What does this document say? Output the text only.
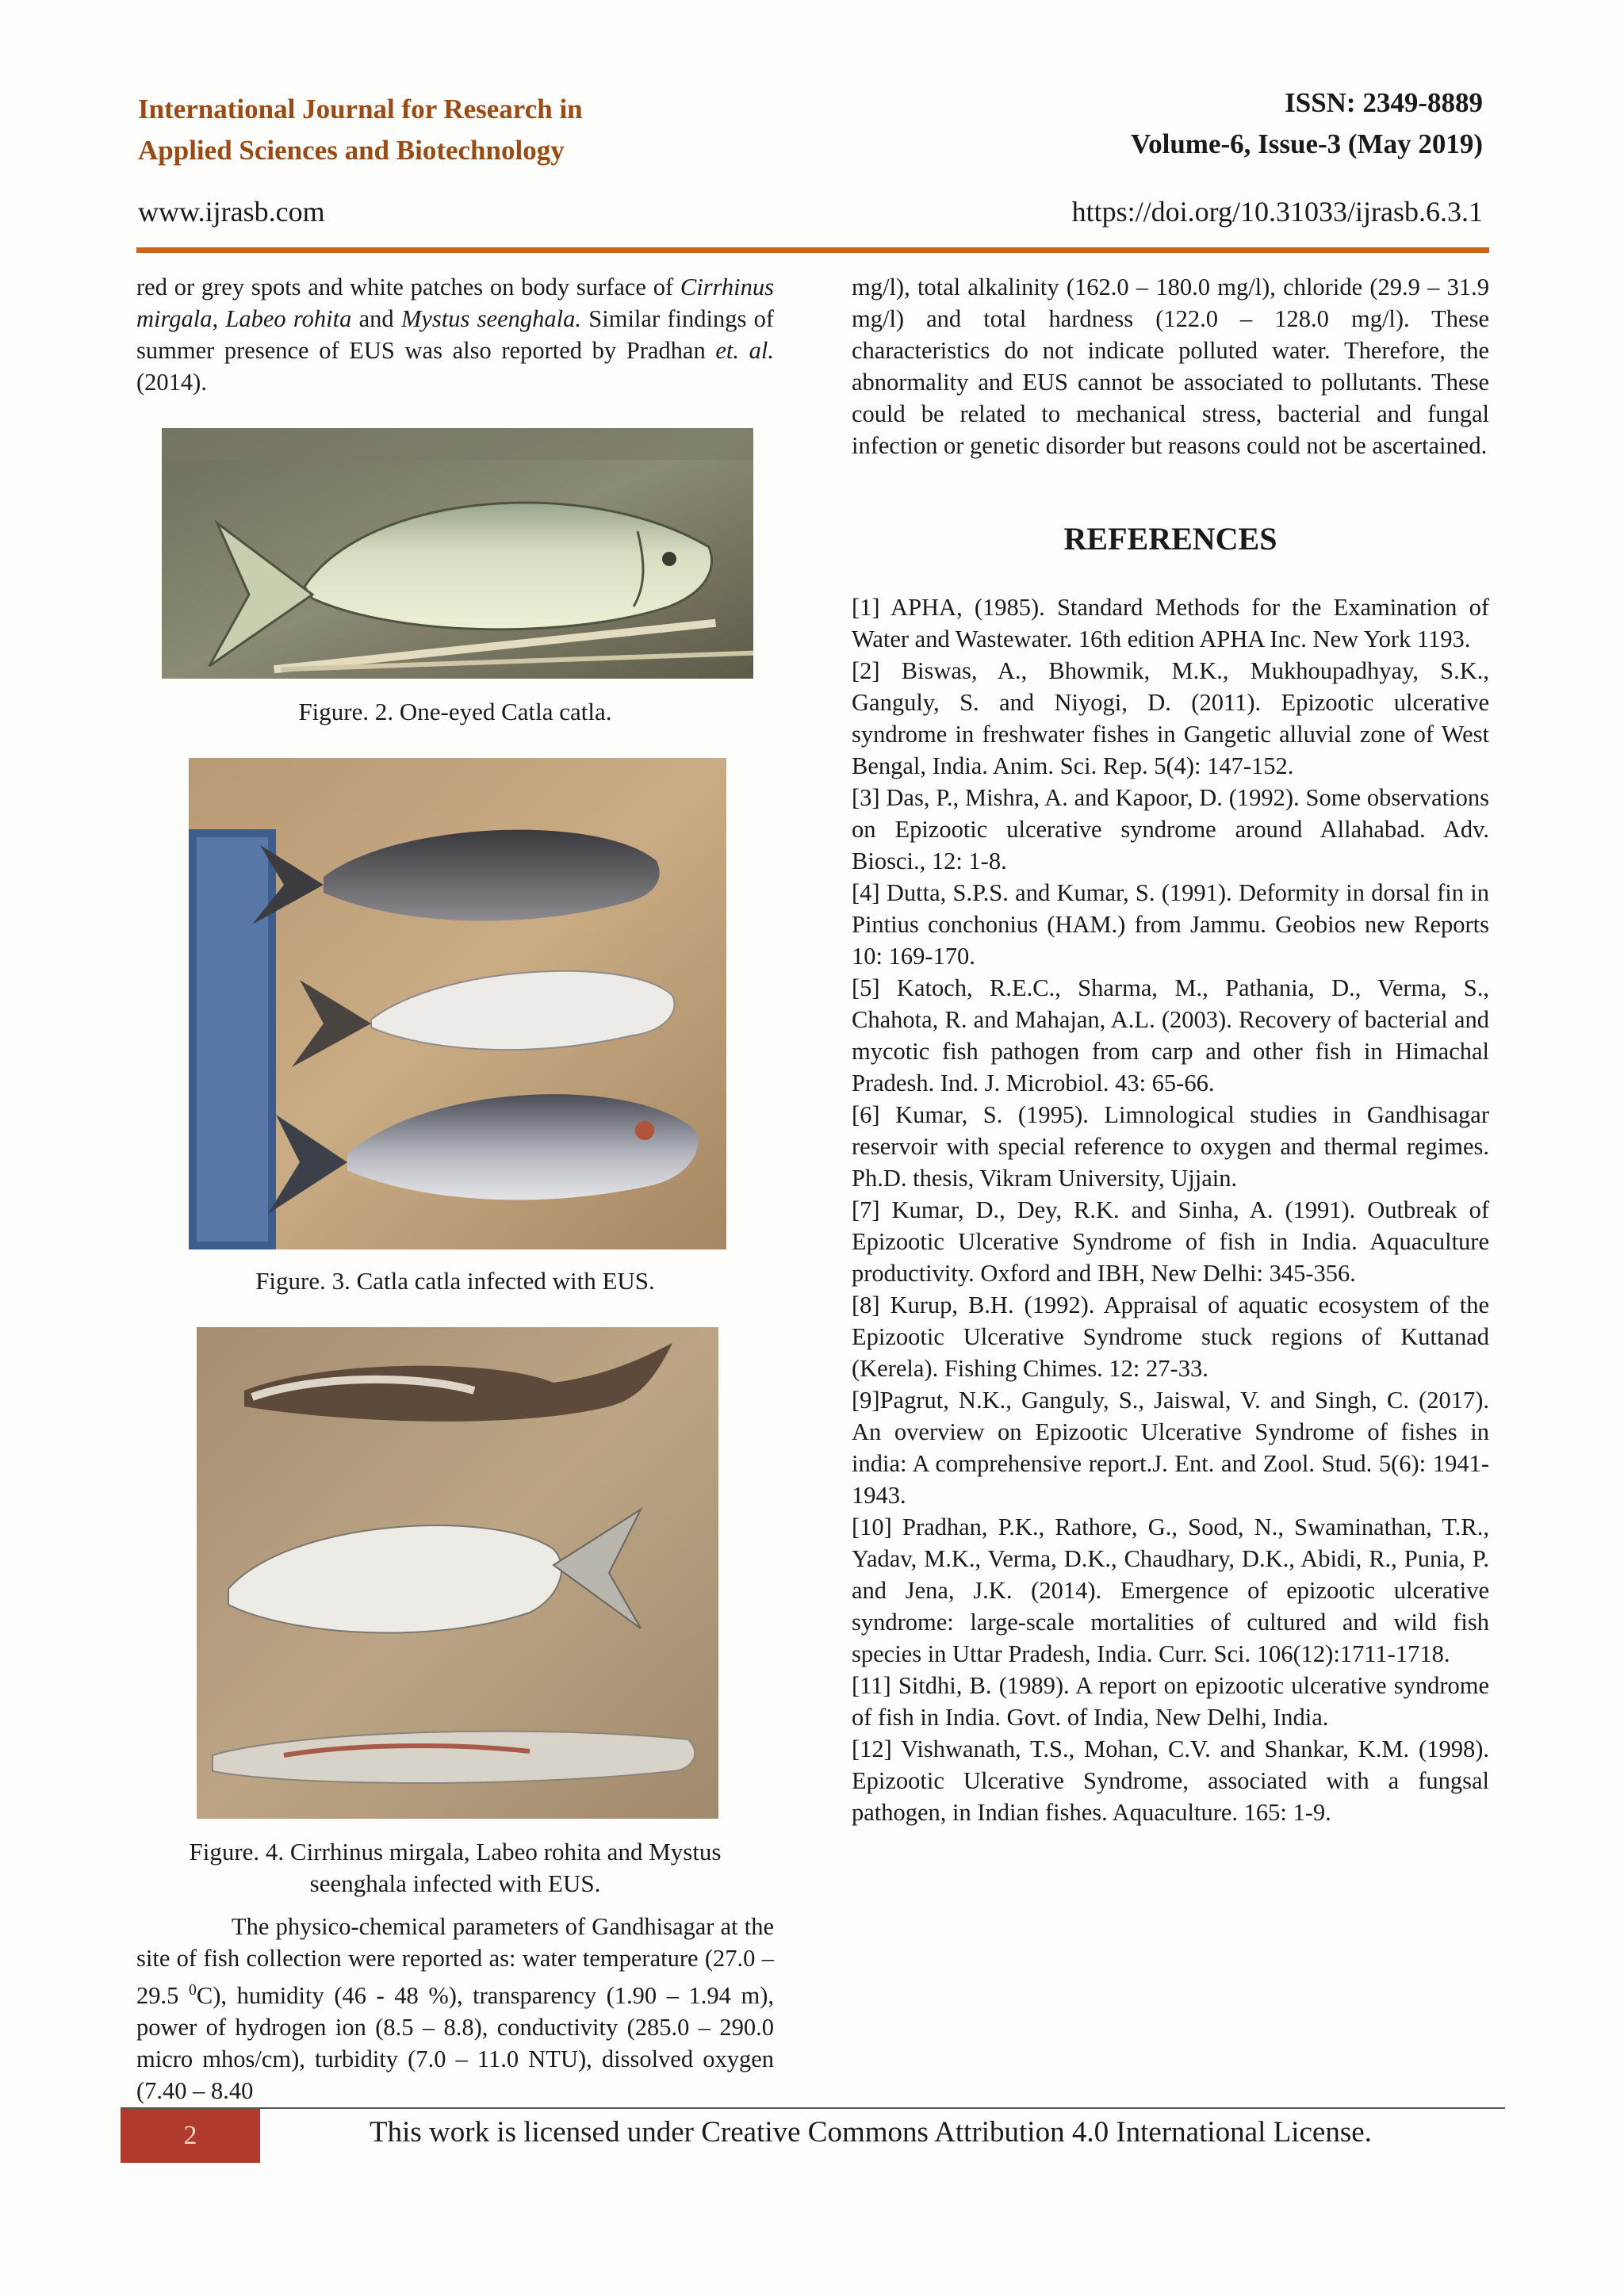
International Journal for Research in
Applied Sciences and Biotechnology
ISSN: 2349-8889
Volume-6, Issue-3 (May 2019)
www.ijrasb.com	https://doi.org/10.31033/ijrasb.6.3.1
red or grey spots and white patches on body surface of Cirrhinus mirgala, Labeo rohita and Mystus seenghala. Similar findings of summer presence of EUS was also reported by Pradhan et. al. (2014).
Figure. 2. One-eyed Catla catla.
Figure. 3. Catla catla infected with EUS.
Figure. 4. Cirrhinus mirgala, Labeo rohita and Mystus
seenghala infected with EUS.
The physico-chemical parameters of Gandhisagar at the site of fish collection were reported as: water temperature (27.0 – 29.5 $^0$C), humidity (46 - 48 %), transparency (1.90 – 1.94 m), power of hydrogen ion (8.5 – 8.8), conductivity (285.0 – 290.0 micro mhos/cm), turbidity (7.0 – 11.0 NTU), dissolved oxygen (7.40 – 8.40
mg/l), total alkalinity (162.0 – 180.0 mg/l), chloride (29.9 – 31.9 mg/l) and total hardness (122.0 – 128.0 mg/l). These characteristics do not indicate polluted water. Therefore, the abnormality and EUS cannot be associated to pollutants. These could be related to mechanical stress, bacterial and fungal infection or genetic disorder but reasons could not be ascertained.
REFERENCES
[1] APHA, (1985). Standard Methods for the Examination of Water and Wastewater. 16th edition APHA Inc. New York 1193.
[2] Biswas, A., Bhowmik, M.K., Mukhoupadhyay, S.K., Ganguly, S. and Niyogi, D. (2011). Epizootic ulcerative syndrome in freshwater fishes in Gangetic alluvial zone of West Bengal, India. Anim. Sci. Rep. 5(4): 147-152.
[3] Das, P., Mishra, A. and Kapoor, D. (1992). Some observations on Epizootic ulcerative syndrome around Allahabad. Adv. Biosci., 12: 1-8.
[4] Dutta, S.P.S. and Kumar, S. (1991). Deformity in dorsal fin in Pintius conchonius (HAM.) from Jammu. Geobios new Reports 10: 169-170.
[5] Katoch, R.E.C., Sharma, M., Pathania, D., Verma, S., Chahota, R. and Mahajan, A.L. (2003). Recovery of bacterial and mycotic fish pathogen from carp and other fish in Himachal Pradesh. Ind. J. Microbiol. 43: 65-66.
[6] Kumar, S. (1995). Limnological studies in Gandhisagar reservoir with special reference to oxygen and thermal regimes. Ph.D. thesis, Vikram University, Ujjain.
[7] Kumar, D., Dey, R.K. and Sinha, A. (1991). Outbreak of Epizootic Ulcerative Syndrome of fish in India. Aquaculture productivity. Oxford and IBH, New Delhi: 345-356.
[8] Kurup, B.H. (1992). Appraisal of aquatic ecosystem of the Epizootic Ulcerative Syndrome stuck regions of Kuttanad (Kerela). Fishing Chimes. 12: 27-33.
[9]Pagrut, N.K., Ganguly, S., Jaiswal, V. and Singh, C. (2017). An overview on Epizootic Ulcerative Syndrome of fishes in india: A comprehensive report.J. Ent. and Zool. Stud. 5(6): 1941-1943.
[10] Pradhan, P.K., Rathore, G., Sood, N., Swaminathan, T.R., Yadav, M.K., Verma, D.K., Chaudhary, D.K., Abidi, R., Punia, P. and Jena, J.K. (2014). Emergence of epizootic ulcerative syndrome: large-scale mortalities of cultured and wild fish species in Uttar Pradesh, India. Curr. Sci. 106(12):1711-1718.
[11] Sitdhi, B. (1989). A report on epizootic ulcerative syndrome of fish in India. Govt. of India, New Delhi, India.
[12] Vishwanath, T.S., Mohan, C.V. and Shankar, K.M. (1998). Epizootic Ulcerative Syndrome, associated with a fungsal pathogen, in Indian fishes. Aquaculture. 165: 1-9.
2	This work is licensed under Creative Commons Attribution 4.0 International License.
